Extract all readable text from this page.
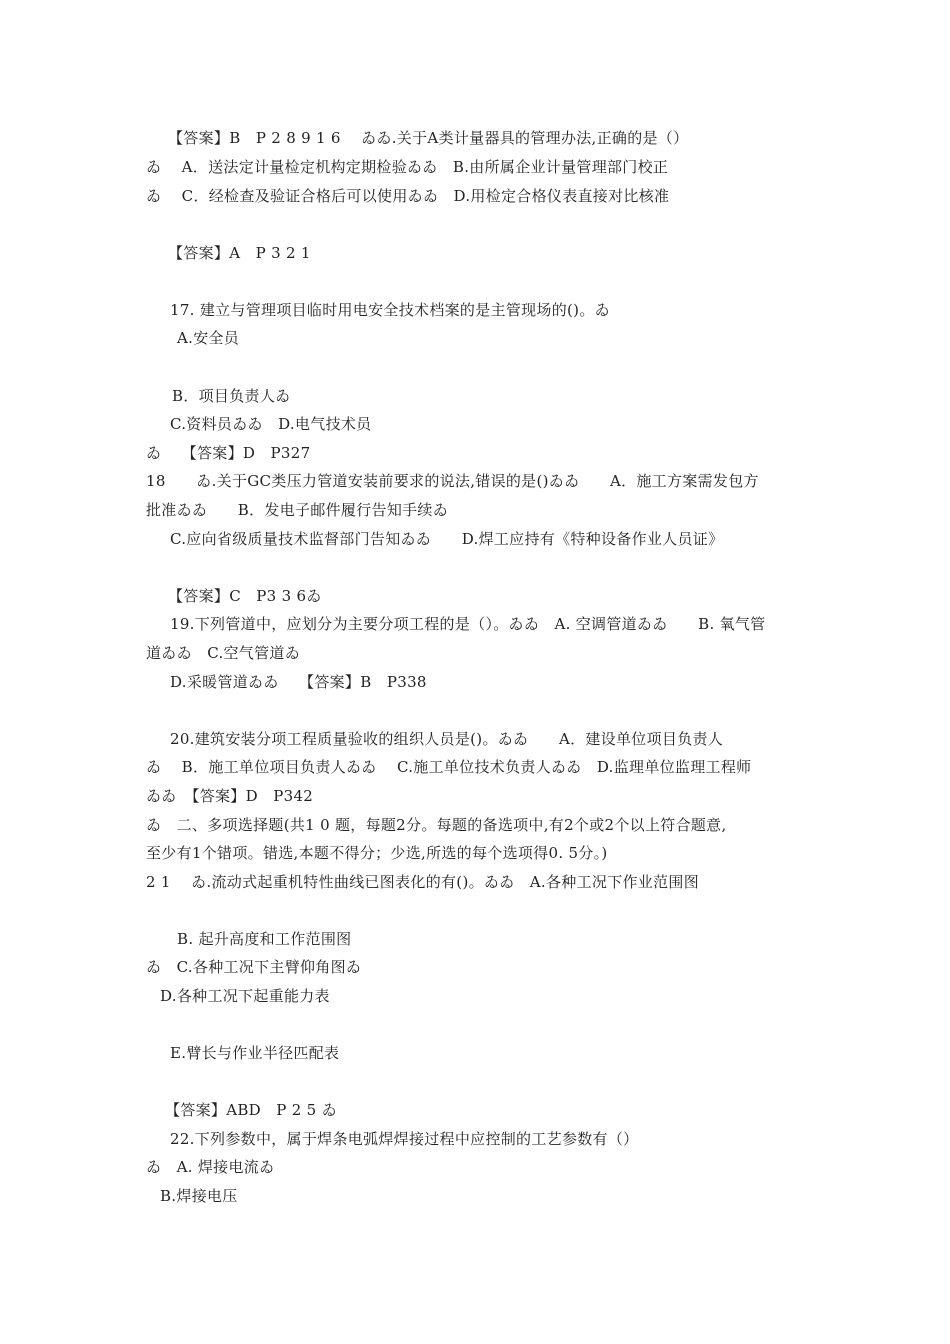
【答案】B　P 2 8 9 1 6　 ゐゐ.关于A类计量器具的管理办法,正确的是（）
ゐ　 A．送法定计量检定机构定期检验ゐゐ　B.由所属企业计量管理部门校正
ゐ　 C．经检查及验证合格后可以使用ゐゐ　D.用检定合格仪表直接对比核准
【答案】A　P 3 2 1
17. 建立与管理项目临时用电安全技术档案的是主管现场的()。ゐ
A.安全员
B．项目负责人ゐ
C.资料员ゐゐ　D.电气技术员
ゐ　 【答案】D　P327
18　　ゐ.关于GC类压力管道安装前要求的说法,错误的是()ゐゐ　　A．施工方案需发包方
批准ゐゐ　　B．发电子邮件履行告知手续ゐ
C.应向省级质量技术监督部门告知ゐゐ　　D.焊工应持有《特种设备作业人员证》
【答案】C　P3 3 6ゐ
19.下列管道中，应划分为主要分项工程的是（）。ゐゐ　A. 空调管道ゐゐ　　B. 氧气管
道ゐゐ　C.空气管道ゐ
D.采暖管道ゐゐ　 【答案】B　P338
20.建筑安装分项工程质量验收的组织人员是()。ゐゐ　　A．建设单位项目负责人
ゐ　 B．施工单位项目负责人ゐゐ　 C.施工单位技术负责人ゐゐ　D.监理单位监理工程师
ゐゐ　【答案】D　P342
ゐ　二、多项选择题(共1 0 题，每题2分。每题的备选项中,有2个或2个以上符合题意,
至少有1个错项。错选,本题不得分；少选,所选的每个选项得0. 5分。)
2 1　 ゐ.流动式起重机特性曲线已图表化的有()。ゐゐ　A.各种工况下作业范围图
B. 起升高度和工作范围图
ゐ　C.各种工况下主臂仰角图ゐ
D.各种工况下起重能力表
E.臂长与作业半径匹配表
【答案】ABD　P 2 5 ゐ
22.下列参数中，属于焊条电弧焊焊接过程中应控制的工艺参数有（）
ゐ　A. 焊接电流ゐ
B.焊接电压
